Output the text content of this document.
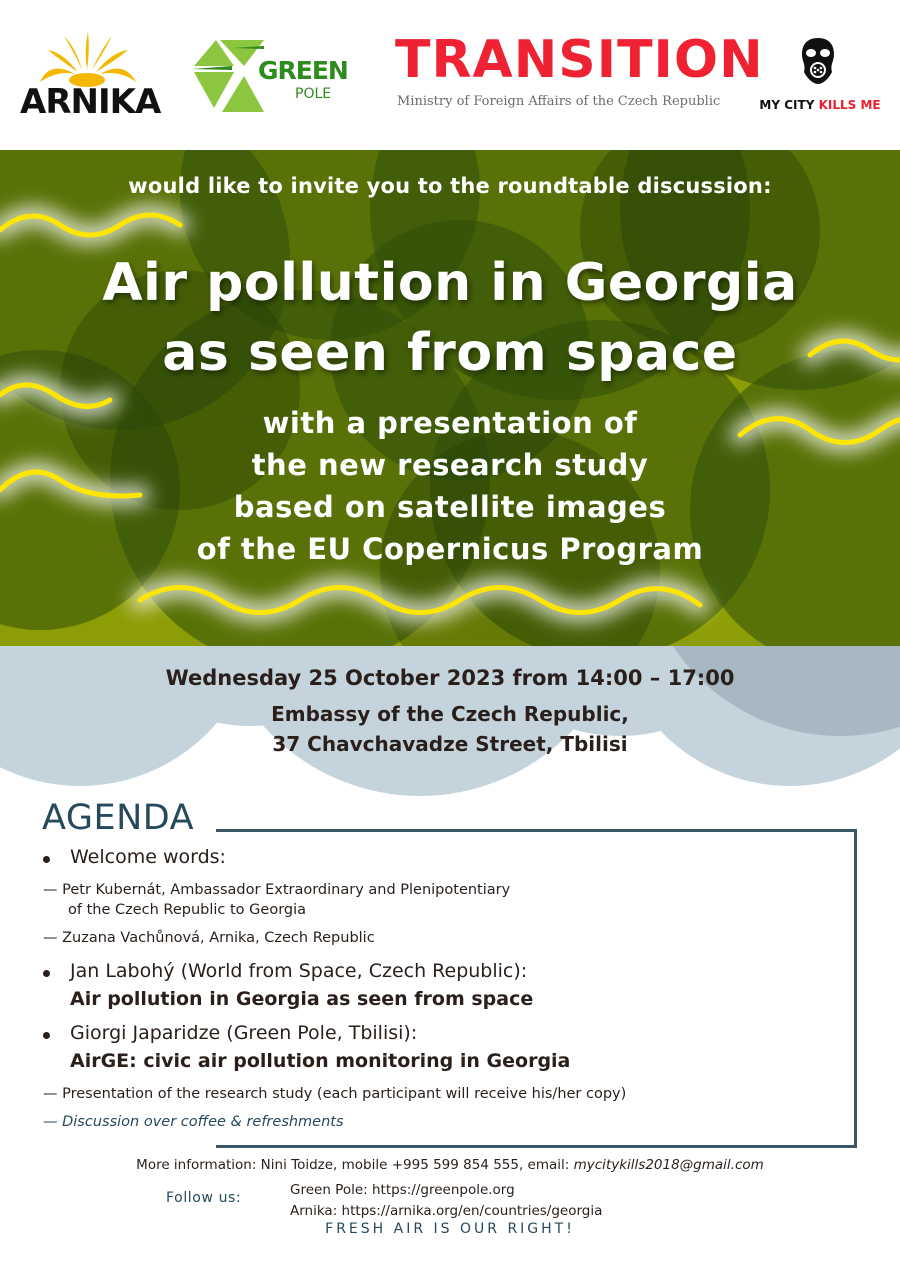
ARNIKA
GREEN
POLE
TRANSITION
Ministry of Foreign Affairs of the Czech Republic	MY CITY KILLS ME
would like to invite you to the roundtable discussion:
Air pollution in Georgia
as seen from space
with a presentation of
the new research study
based on satellite images
of the EU Copernicus Program
Wednesday 25 October 2023 from 14:00 – 17:00
Embassy of the Czech Republic,
37 Chavchavadze Street, Tbilisi
AGENDA
Welcome words:
— Petr Kubernát, Ambassador Extraordinary and Plenipotentiary
of the Czech Republic to Georgia
— Zuzana Vachůnová, Arnika, Czech Republic
Jan Labohý (World from Space, Czech Republic):
Air pollution in Georgia as seen from space
Giorgi Japaridze (Green Pole, Tbilisi):
AirGE: civic air pollution monitoring in Georgia
— Presentation of the research study (each participant will receive his/her copy)
— Discussion over coffee & refreshments
More information: Nini Toidze, mobile +995 599 854 555, email: mycitykills2018@gmail.com
Follow us:	Green Pole: https://greenpole.org
Arnika: https://arnika.org/en/countries/georgia
FRESH AIR IS OUR RIGHT!
